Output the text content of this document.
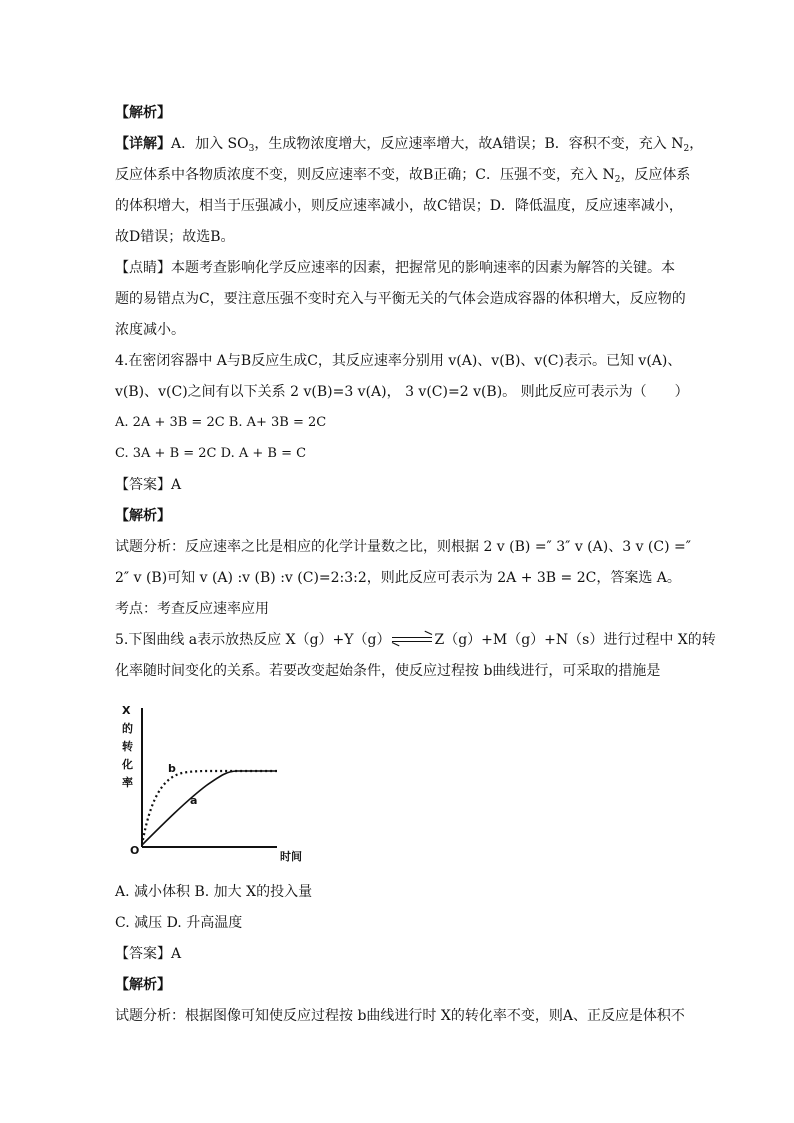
【解析】
【详解】A．加入 $SO_3$，生成物浓度增大，反应速率增大，故A错误；B．容积不变，充入 $N_2$，
反应体系中各物质浓度不变，则反应速率不变，故B正确；C．压强不变，充入 $N_2$，反应体系
的体积增大，相当于压强减小，则反应速率减小，故C错误；D．降低温度，反应速率减小，
故D错误；故选B。
【点睛】本题考查影响化学反应速率的因素，把握常见的影响速率的因素为解答的关键。本
题的易错点为C，要注意压强不变时充入与平衡无关的气体会造成容器的体积增大，反应物的
浓度减小。
4.在密闭容器中 A与B反应生成C，其反应速率分别用 v(A)、v(B)、v(C)表示。已知 v(A)、
v(B)、v(C)之间有以下关系 2 v(B)=3 v(A)， 3 v(C)=2 v(B)。 则此反应可表示为（　　）
A. 2A + 3B = 2C B. A+ 3B = 2C
C. 3A + B = 2C D. A + B = C
【答案】A
【解析】
试题分析：反应速率之比是相应的化学计量数之比，则根据 2 v (B) =″ 3″ v (A)、3 v (C) =″
2″ v (B)可知 v (A) :v (B) :v (C)=2:3:2，则此反应可表示为 2A + 3B = 2C，答案选 A。
考点：考查反应速率应用
5.下图曲线 a表示放热反应 X（g）+Y（g）	Z（g）+M（g）+N（s）进行过程中 X的转
化率随时间变化的关系。若要改变起始条件，使反应过程按 b曲线进行，可采取的措施是
X
的
转
化
率
O	时间
b
a
A. 减小体积 B. 加大 X的投入量
C. 减压 D. 升高温度
【答案】A
【解析】
试题分析：根据图像可知使反应过程按 b曲线进行时 X的转化率不变，则A、正反应是体积不
